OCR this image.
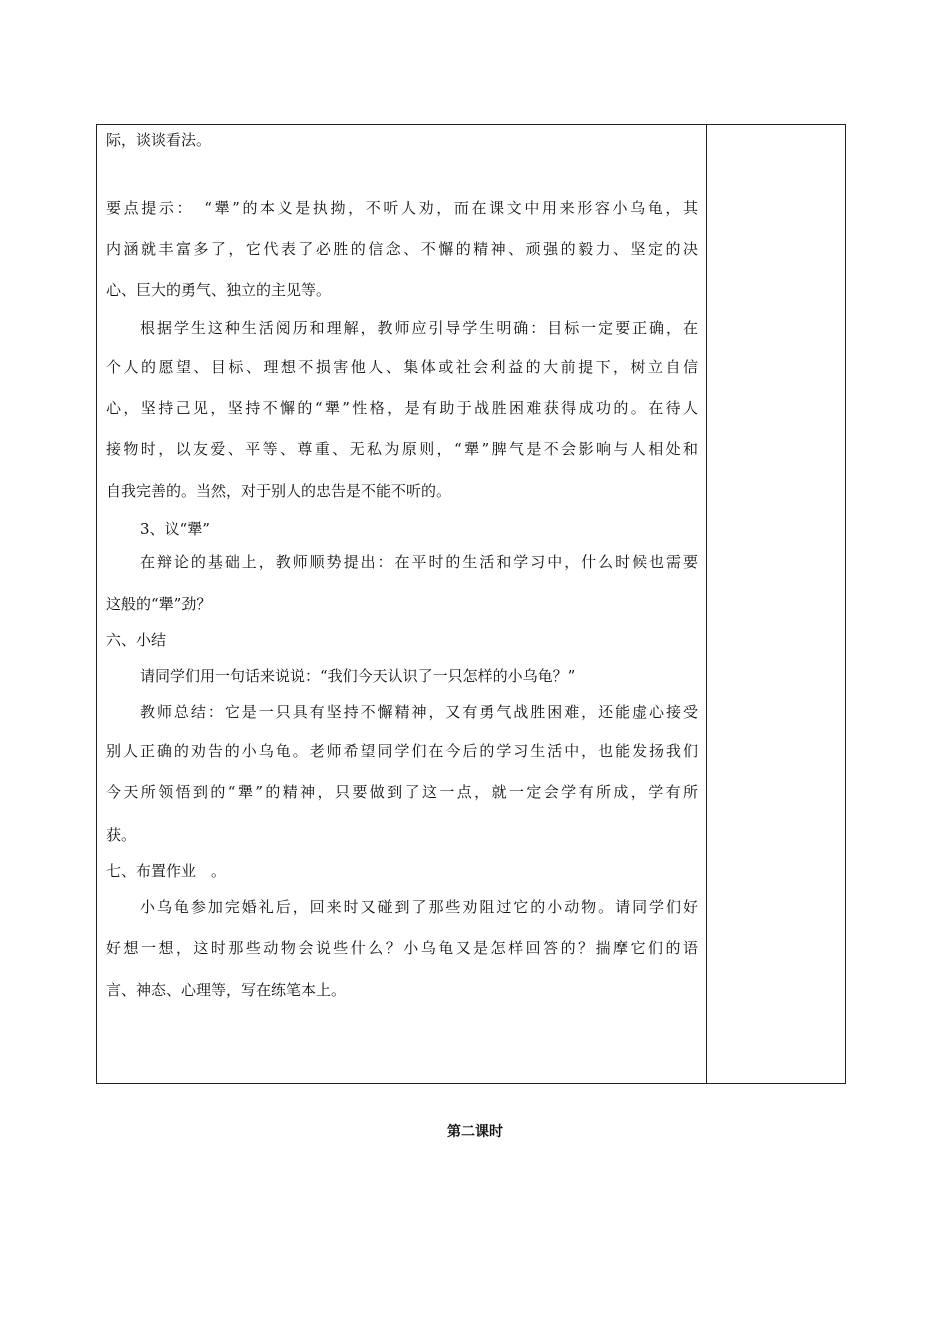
际，谈谈看法。
要点提示：　“犟”的本义是执拗，不听人劝，而在课文中用来形容小乌龟，其
内涵就丰富多了，它代表了必胜的信念、不懈的精神、顽强的毅力、坚定的决
心、巨大的勇气、独立的主见等。
根据学生这种生活阅历和理解，教师应引导学生明确：目标一定要正确，在
个人的愿望、目标、理想不损害他人、集体或社会利益的大前提下，树立自信
心，坚持己见，坚持不懈的“犟”性格，是有助于战胜困难获得成功的。在待人
接物时，以友爱、平等、尊重、无私为原则，“犟”脾气是不会影响与人相处和
自我完善的。当然，对于别人的忠告是不能不听的。
3、议“犟”
在辩论的基础上，教师顺势提出：在平时的生活和学习中，什么时候也需要
这般的“犟”劲？
六、小结
请同学们用一句话来说说：“我们今天认识了一只怎样的小乌龟？”
教师总结：它是一只具有坚持不懈精神，又有勇气战胜困难，还能虚心接受
别人正确的劝告的小乌龟。老师希望同学们在今后的学习生活中，也能发扬我们
今天所领悟到的“犟”的精神，只要做到了这一点，就一定会学有所成，学有所
获。
七、布置作业　。
小乌龟参加完婚礼后，回来时又碰到了那些劝阻过它的小动物。请同学们好
好想一想，这时那些动物会说些什么？小乌龟又是怎样回答的？揣摩它们的语
言、神态、心理等，写在练笔本上。
第二课时
